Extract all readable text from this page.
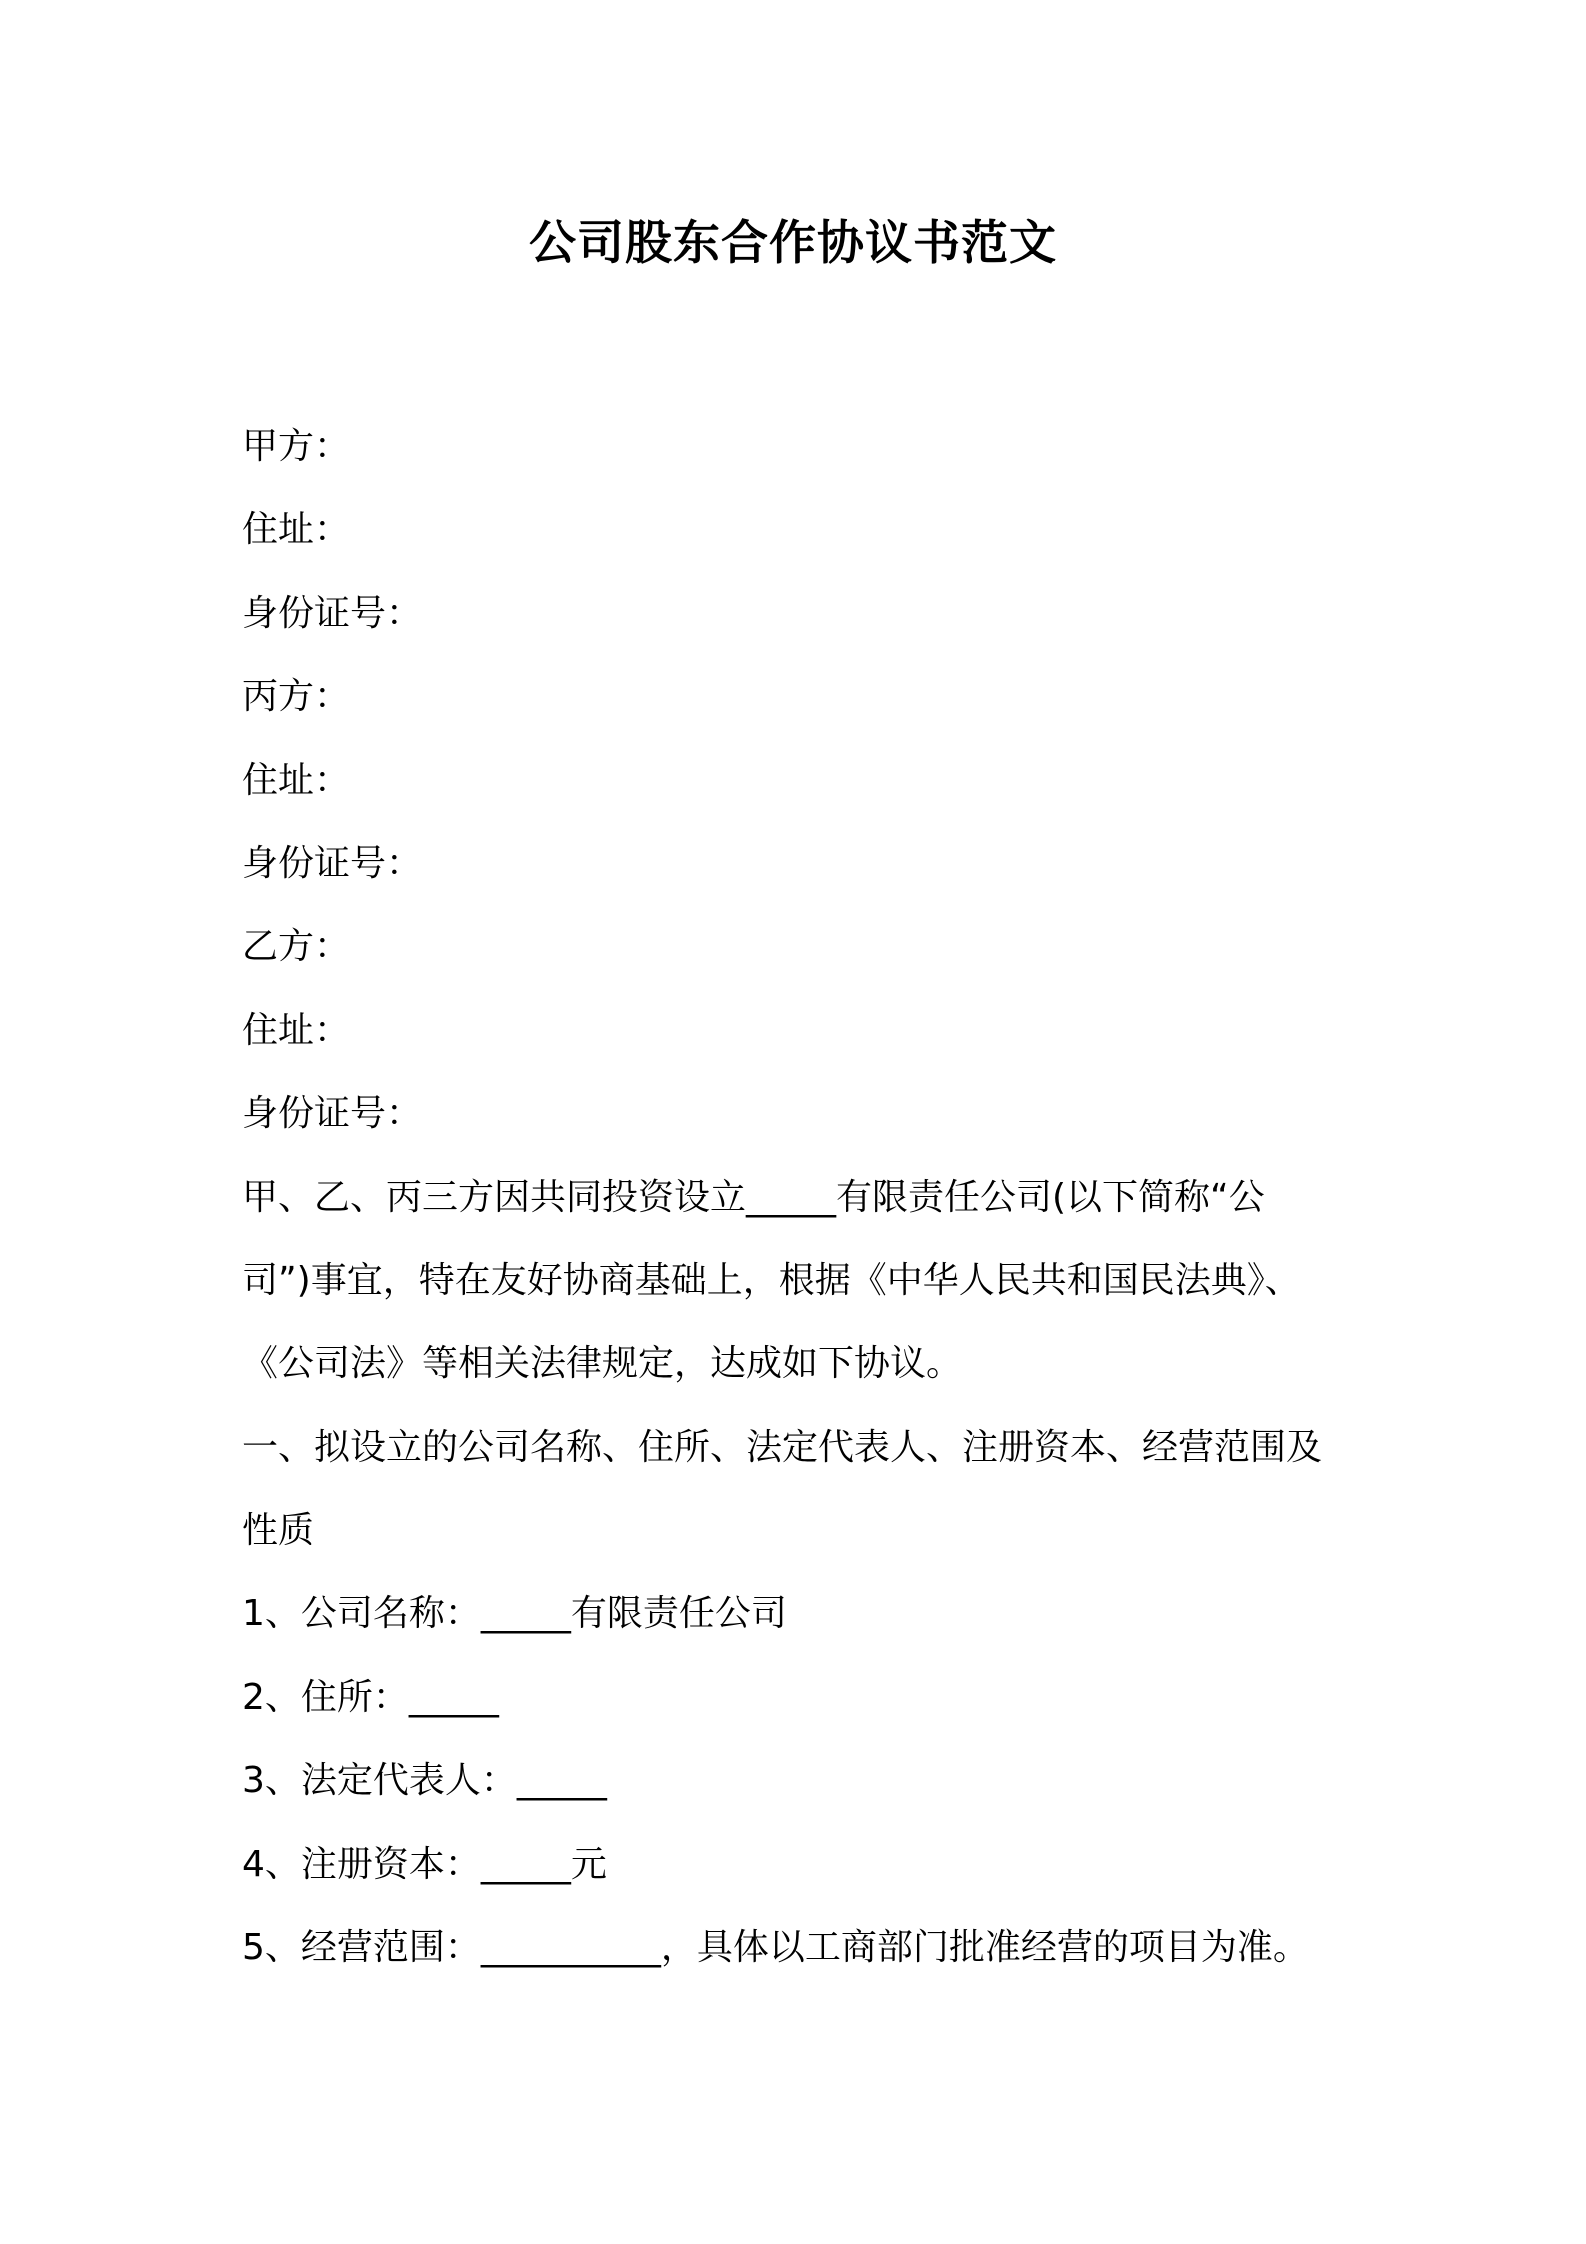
公司股东合作协议书范文
甲方：
住址：
身份证号：
丙方：
住址：
身份证号：
乙方：
住址：
身份证号：
甲、乙、丙三方因共同投资设立_____有限责任公司(以下简称“公
司”)事宜，特在友好协商基础上，根据《中华人民共和国民法典》、
《公司法》等相关法律规定，达成如下协议。
一、拟设立的公司名称、住所、法定代表人、注册资本、经营范围及
性质
1、公司名称：_____有限责任公司
2、住所：_____
3、法定代表人：_____
4、注册资本：_____元
5、经营范围：__________，具体以工商部门批准经营的项目为准。
